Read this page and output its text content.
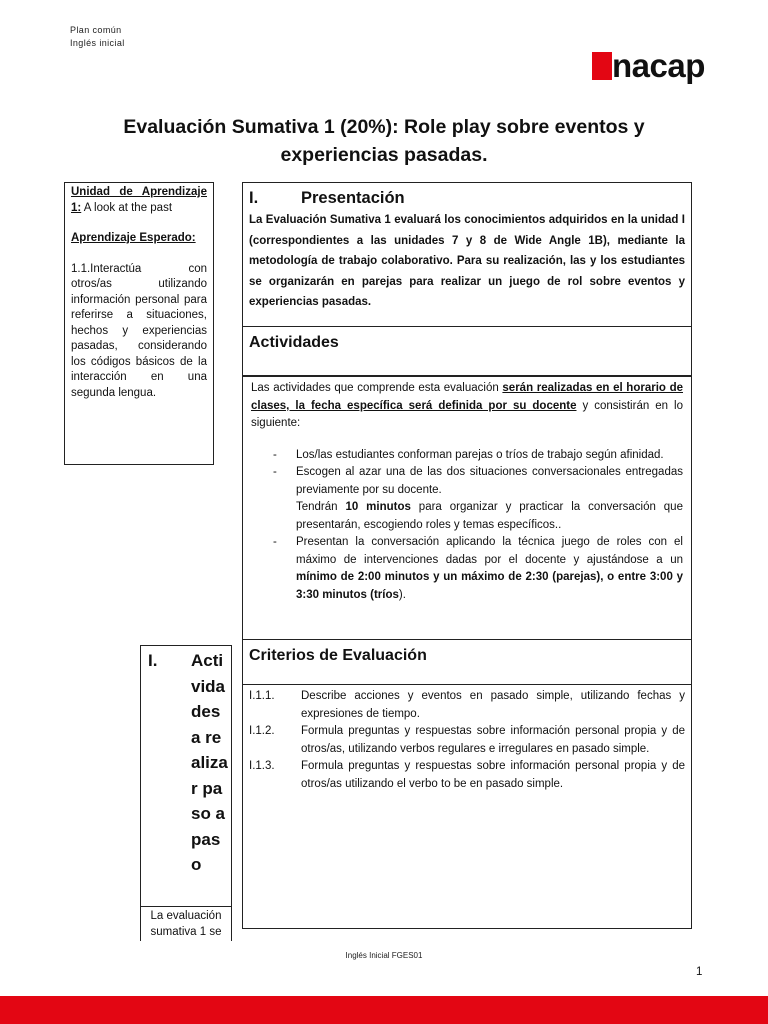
Plan común
Inglés inicial
nacap
Evaluación Sumativa 1 (20%): Role play sobre eventos y
experiencias pasadas.

Unidad de Aprendizaje 1: A look at the past

Aprendizaje Esperado:

1.1.Interactúa con otros/as utilizando información personal para referirse a situaciones, hechos y experiencias pasadas, considerando los códigos básicos de la interacción en una segunda lengua.

I.	Presentación

La Evaluación Sumativa 1 evaluará los conocimientos adquiridos en la unidad I (correspondientes a las unidades 7 y 8 de Wide Angle 1B), mediante la metodología de trabajo colaborativo. Para su realización, las y los estudiantes se organizarán en parejas para realizar un juego de rol sobre eventos y experiencias pasadas.

Actividades

Las actividades que comprende esta evaluación serán realizadas en el horario de clases, la fecha específica será definida por su docente y consistirán en lo siguiente:

- Los/las estudiantes conforman parejas o tríos de trabajo según afinidad.
- Escogen al azar una de las dos situaciones conversacionales entregadas previamente por su docente.
Tendrán 10 minutos para organizar y practicar la conversación que presentarán, escogiendo roles y temas específicos..
- Presentan la conversación aplicando la técnica juego de roles con el máximo de intervenciones dadas por el docente y ajustándose a un mínimo de 2:00 minutos y un máximo de 2:30 (parejas), o entre 3:00 y 3:30 minutos (tríos).
Criterios de Evaluación
I.1.1. Describe acciones y eventos en pasado simple, utilizando fechas y expresiones de tiempo.
I.1.2. Formula preguntas y respuestas sobre información personal propia y de otros/as, utilizando verbos regulares e irregulares en pasado simple.
I.1.3. Formula preguntas y respuestas sobre información personal propia y de otros/as utilizando el verbo to be en pasado simple.
I. Actividades a realizar paso a paso
La evaluación sumativa 1 se
Inglés Inicial FGES01
1
